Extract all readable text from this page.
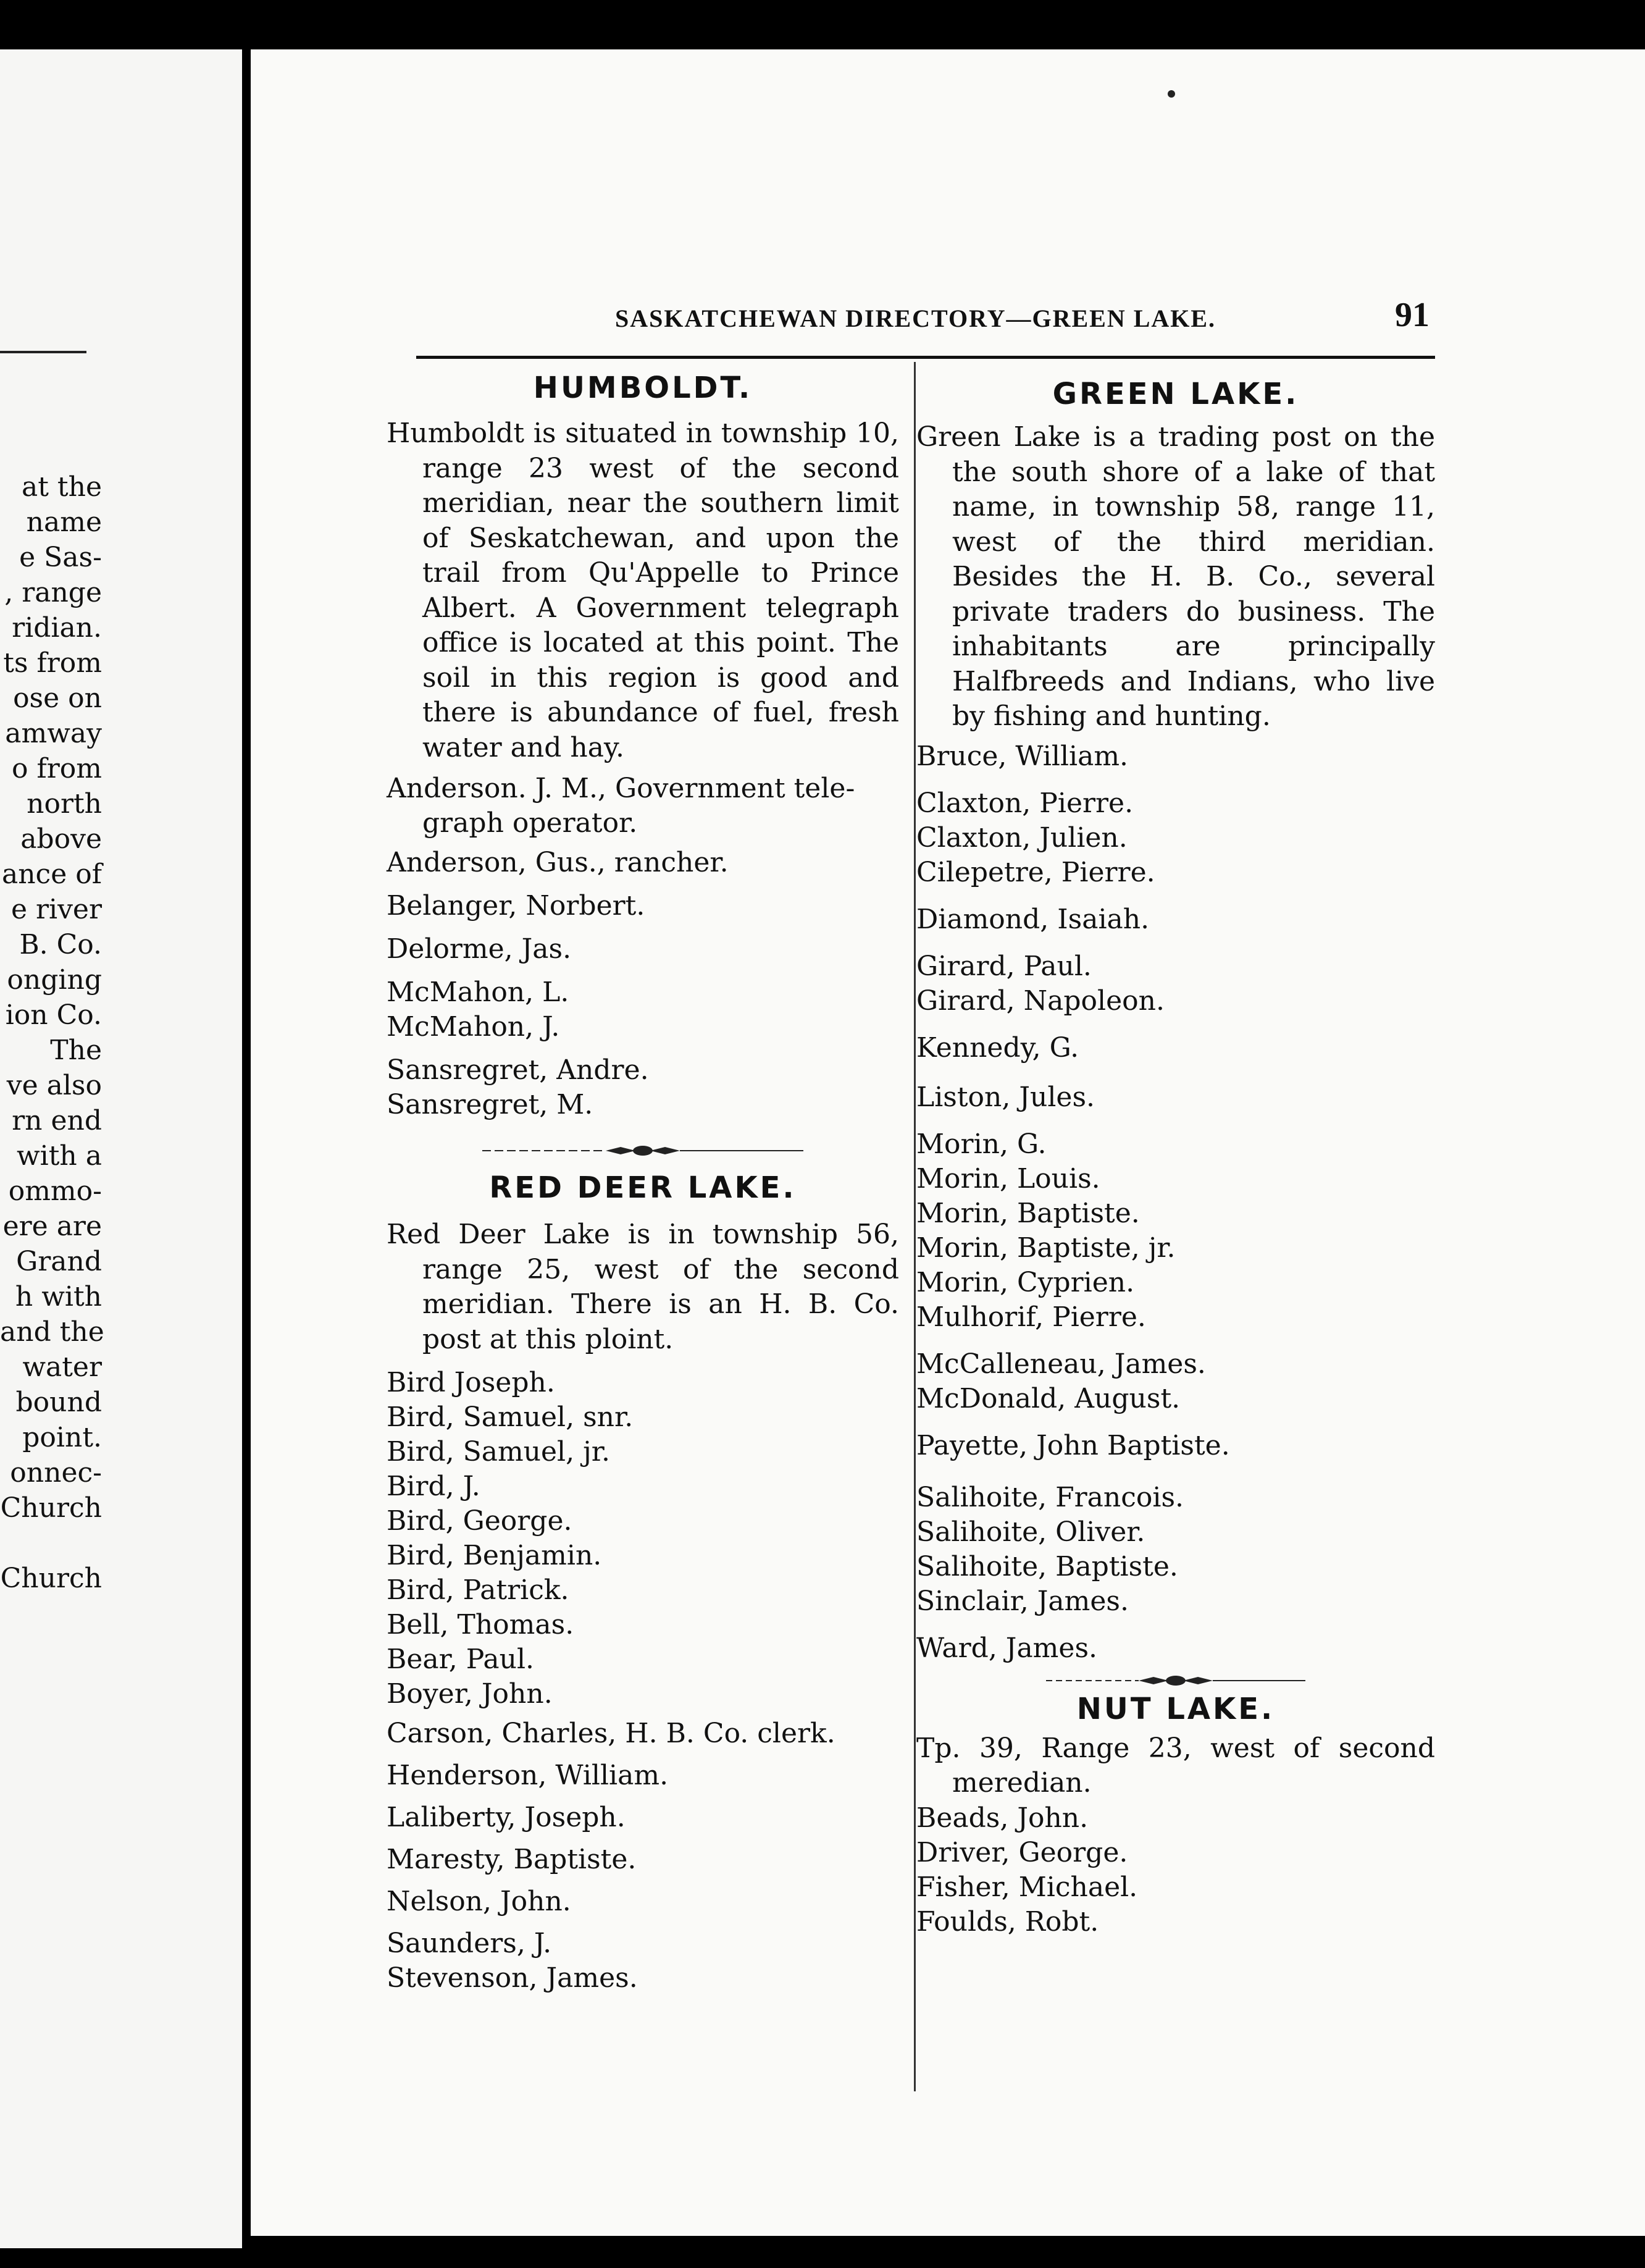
at the
name
e Sas-
, range
ridian.
ts from
ose on
amway
o from
north
above
ance of
e river
B. Co.
onging
ion Co.
The
ve also
rn end
with a
ommo-
ere are
Grand
h with
and the
water
bound
point.
onnec-
Church
Church
SASKATCHEWAN DIRECTORY—GREEN LAKE.	91
HUMBOLDT.

Humboldt is situated in township 10, range 23 west of the second meridian, near the southern limit of Seskatchewan, and upon the trail from Qu'Appelle to Prince Albert. A Government telegraph office is located at this point. The soil in this region is good and there is abundance of fuel, fresh water and hay.

Anderson. J. M., Government tele-

graph operator.

Anderson, Gus., rancher.

Belanger, Norbert.

Delorme, Jas.

McMahon, L.

McMahon, J.

Sansregret, Andre.

Sansregret, M.

RED DEER LAKE.

Red Deer Lake is in township 56, range 25, west of the second meridian. There is an H. B. Co. post at this ploint.

Bird Joseph.

Bird, Samuel, snr.

Bird, Samuel, jr.

Bird, J.

Bird, George.

Bird, Benjamin.

Bird, Patrick.

Bell, Thomas.

Bear, Paul.

Boyer, John.

Carson, Charles, H. B. Co. clerk.

Henderson, William.

Laliberty, Joseph.

Maresty, Baptiste.

Nelson, John.

Saunders, J.

Stevenson, James.

GREEN LAKE.

Green Lake is a trading post on the the south shore of a lake of that name, in township 58, range 11, west of the third meridian. Besides the H. B. Co., several private traders do business. The inhabitants are principally Halfbreeds and Indians, who live by fishing and hunting.

Bruce, William.

Claxton, Pierre.

Claxton, Julien.

Cilepetre, Pierre.

Diamond, Isaiah.

Girard, Paul.

Girard, Napoleon.

Kennedy, G.

Liston, Jules.

Morin, G.

Morin, Louis.

Morin, Baptiste.

Morin, Baptiste, jr.

Morin, Cyprien.

Mulhorif, Pierre.

McCalleneau, James.

McDonald, August.

Payette, John Baptiste.

Salihoite, Francois.

Salihoite, Oliver.

Salihoite, Baptiste.

Sinclair, James.

Ward, James.

NUT LAKE.

Tp. 39, Range 23, west of second meredian.

Beads, John.

Driver, George.

Fisher, Michael.

Foulds, Robt.
